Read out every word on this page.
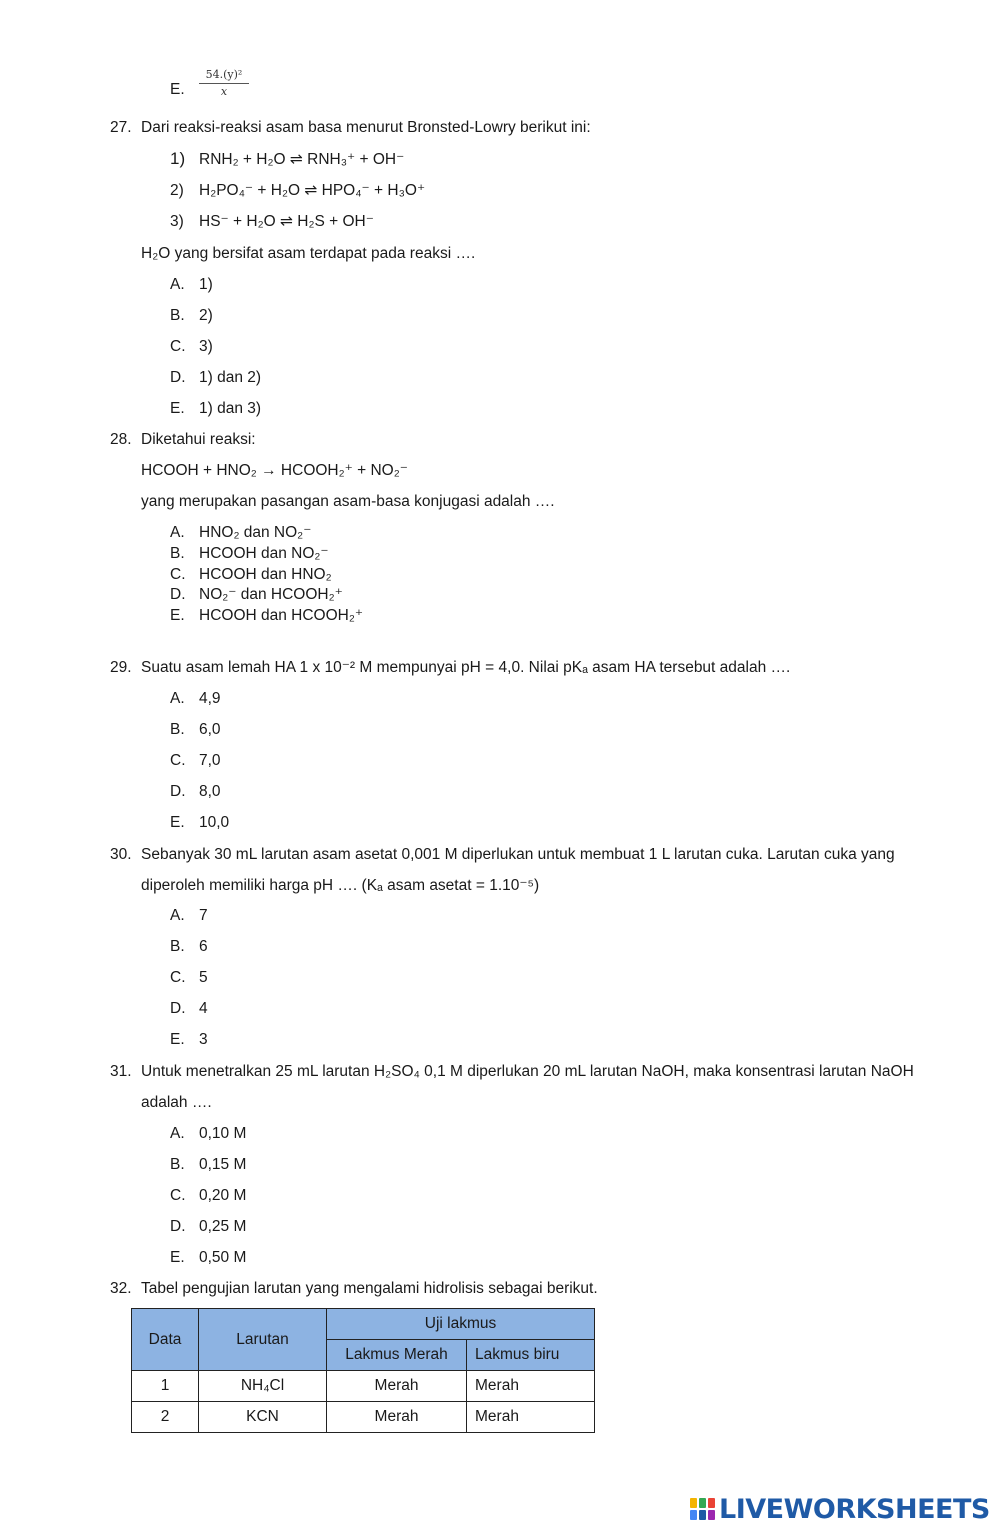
E. $\frac{\text{54.(y)²}}{x}$
27. Dari reaksi-reaksi asam basa menurut Bronsted-Lowry berikut ini:
1) RNH₂ + H₂O ⇌ RNH₃⁺ + OH⁻
2) H₂PO₄⁻ + H₂O ⇌ HPO₄⁻ + H₃O⁺
3) HS⁻ + H₂O ⇌ H₂S + OH⁻
H₂O yang bersifat asam terdapat pada reaksi ….
A. 1)
B. 2)
C. 3)
D. 1) dan 2)
E. 1) dan 3)
28. Diketahui reaksi:
HCOOH + HNO₂ → HCOOH₂⁺ + NO₂⁻
yang merupakan pasangan asam-basa konjugasi adalah ….
A. HNO₂ dan NO₂⁻
B. HCOOH dan NO₂⁻
C. HCOOH dan HNO₂
D. NO₂⁻ dan HCOOH₂⁺
E. HCOOH dan HCOOH₂⁺
29. Suatu asam lemah HA 1 x 10⁻² M mempunyai pH = 4,0. Nilai pKₐ asam HA tersebut adalah ….
A. 4,9
B. 6,0
C. 7,0
D. 8,0
E. 10,0
30. Sebanyak 30 mL larutan asam asetat 0,001 M diperlukan untuk membuat 1 L larutan cuka. Larutan cuka yang
diperoleh memiliki harga pH …. (Kₐ asam asetat = 1.10⁻⁵)
A. 7
B. 6
C. 5
D. 4
E. 3
31. Untuk menetralkan 25 mL larutan H₂SO₄ 0,1 M diperlukan 20 mL larutan NaOH, maka konsentrasi larutan NaOH
adalah ….
A. 0,10 M
B. 0,15 M
C. 0,20 M
D. 0,25 M
E. 0,50 M
32. Tabel pengujian larutan yang mengalami hidrolisis sebagai berikut.
Data	Larutan	Uji lakmus	
		Lakmus Merah	Lakmus biru
1	NH₄Cl	Merah	Merah
2	KCN	Merah	Merah
LIVEWORKSHEETS
